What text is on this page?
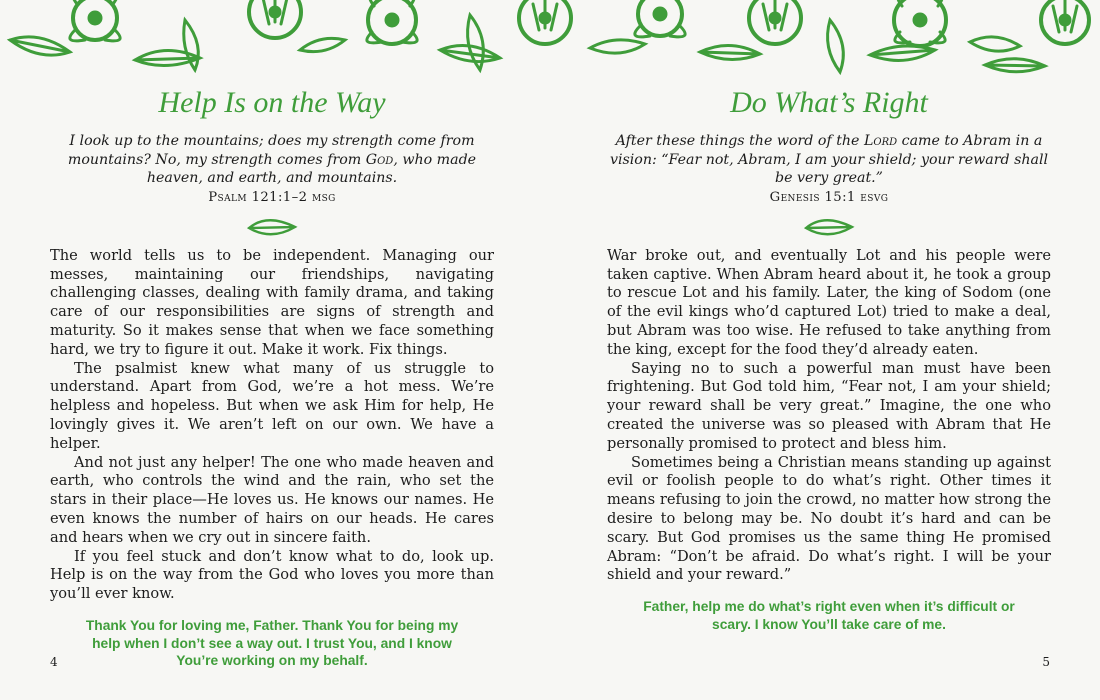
Help Is on the Way

I look up to the mountains; does my strength come from mountains? No, my strength comes from God, who made heaven, and earth, and mountains.

Psalm 121:1–2 msg

The world tells us to be independent. Managing our messes, maintaining our friendships, navigating challenging classes, dealing with family drama, and taking care of our responsibilities are signs of strength and maturity. So it makes sense that when we face something hard, we try to figure it out. Make it work. Fix things.

The psalmist knew what many of us struggle to understand. Apart from God, we’re a hot mess. We’re helpless and hopeless. But when we ask Him for help, He lovingly gives it. We aren’t left on our own. We have a helper.

And not just any helper! The one who made heaven and earth, who controls the wind and the rain, who set the stars in their place—He loves us. He knows our names. He even knows the number of hairs on our heads. He cares and hears when we cry out in sincere faith.

If you feel stuck and don’t know what to do, look up. Help is on the way from the God who loves you more than you’ll ever know.

Thank You for loving me, Father. Thank You for being my help when I don’t see a way out. I trust You, and I know You’re working on my behalf.
Do What’s Right

After these things the word of the Lord came to Abram in a vision: “Fear not, Abram, I am your shield; your reward shall be very great.”

Genesis 15:1 esvg

War broke out, and eventually Lot and his people were taken captive. When Abram heard about it, he took a group to rescue Lot and his family. Later, the king of Sodom (one of the evil kings who’d captured Lot) tried to make a deal, but Abram was too wise. He refused to take anything from the king, except for the food they’d already eaten.

Saying no to such a powerful man must have been frightening. But God told him, “Fear not, I am your shield; your reward shall be very great.” Imagine, the one who created the universe was so pleased with Abram that He personally promised to protect and bless him.

Sometimes being a Christian means standing up against evil or foolish people to do what’s right. Other times it means refusing to join the crowd, no matter how strong the desire to belong may be. No doubt it’s hard and can be scary. But God promises us the same thing He promised Abram: “Don’t be afraid. Do what’s right. I will be your shield and your reward.”

Father, help me do what’s right even when it’s difficult or scary. I know You’ll take care of me.
4	5
